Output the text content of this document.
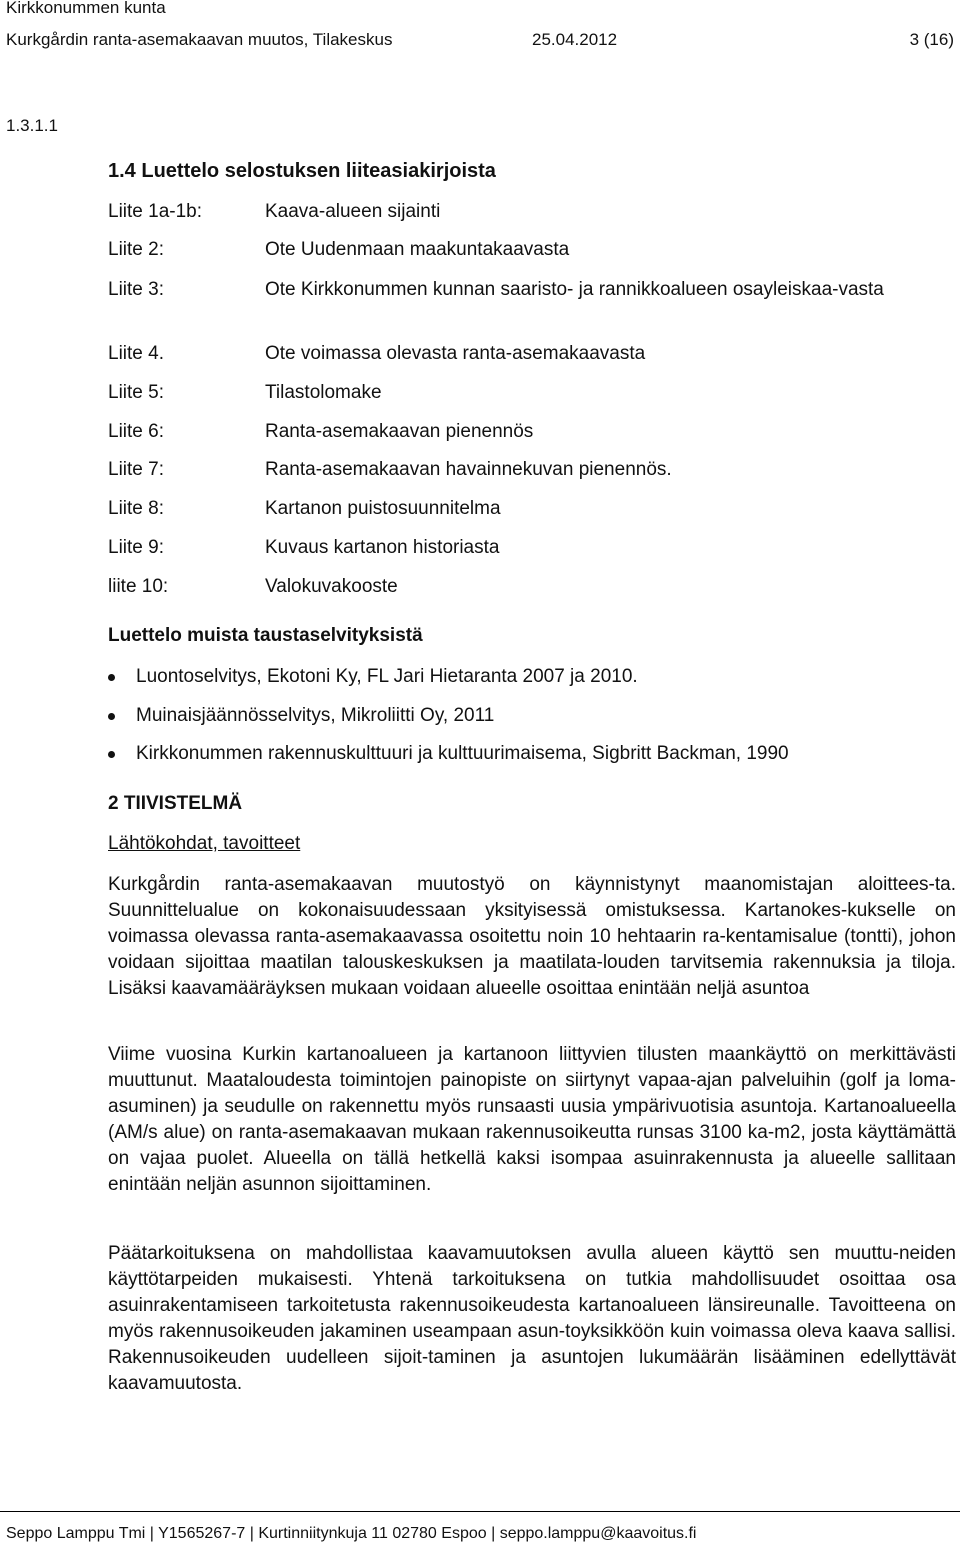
Kirkkonummen kunta
Kurkgårdin ranta-asemakaavan muutos, Tilakeskus	25.04.2012	3 (16)
1.3.1.1
1.4 Luettelo selostuksen liiteasiakirjoista
Liite 1a-1b:	Kaava-alueen sijainti
Liite 2:	Ote Uudenmaan maakuntakaavasta
Liite 3:	Ote Kirkkonummen kunnan saaristo- ja rannikkoalueen osayleiskaa-vasta
Liite 4.	Ote voimassa olevasta ranta-asemakaavasta
Liite 5:	Tilastolomake
Liite 6:	Ranta-asemakaavan pienennös
Liite 7:	Ranta-asemakaavan havainnekuvan pienennös.
Liite 8:	Kartanon puistosuunnitelma
Liite 9:	Kuvaus kartanon historiasta
liite 10:	Valokuvakooste
Luettelo muista taustaselvityksistä
Luontoselvitys, Ekotoni Ky, FL Jari Hietaranta 2007 ja 2010.
Muinaisjäännösselvitys, Mikroliitti Oy, 2011
Kirkkonummen rakennuskulttuuri ja kulttuurimaisema, Sigbritt Backman, 1990
2 TIIVISTELMÄ
Lähtökohdat, tavoitteet

Kurkgårdin ranta-asemakaavan muutostyö on käynnistynyt maanomistajan aloittees-ta. Suunnittelualue on kokonaisuudessaan yksityisessä omistuksessa. Kartanokes-kukselle on voimassa olevassa ranta-asemakaavassa osoitettu noin 10 hehtaarin ra-kentamisalue (tontti), johon voidaan sijoittaa maatilan talouskeskuksen ja maatilata-louden tarvitsemia rakennuksia ja tiloja. Lisäksi kaavamääräyksen mukaan voidaan alueelle osoittaa enintään neljä asuntoa

Viime vuosina Kurkin kartanoalueen ja kartanoon liittyvien tilusten maankäyttö on merkittävästi muuttunut. Maataloudesta toimintojen painopiste on siirtynyt vapaa-ajan palveluihin (golf ja loma-asuminen) ja seudulle on rakennettu myös runsaasti uusia ympärivuotisia asuntoja. Kartanoalueella (AM/s alue) on ranta-asemakaavan mukaan rakennusoikeutta runsas 3100 ka-m2, josta käyttämättä on vajaa puolet. Alueella on tällä hetkellä kaksi isompaa asuinrakennusta ja alueelle sallitaan enintään neljän asunnon sijoittaminen.

Päätarkoituksena on mahdollistaa kaavamuutoksen avulla alueen käyttö sen muuttu-neiden käyttötarpeiden mukaisesti. Yhtenä tarkoituksena on tutkia mahdollisuudet osoittaa osa asuinrakentamiseen tarkoitetusta rakennusoikeudesta kartanoalueen länsireunalle. Tavoitteena on myös rakennusoikeuden jakaminen useampaan asun-toyksikköön kuin voimassa oleva kaava sallisi. Rakennusoikeuden uudelleen sijoit-taminen ja asuntojen lukumäärän lisääminen edellyttävät kaavamuutosta.

Seppo Lamppu Tmi | Y1565267-7 | Kurtinniitynkuja 11 02780 Espoo | seppo.lamppu@kaavoitus.fi
